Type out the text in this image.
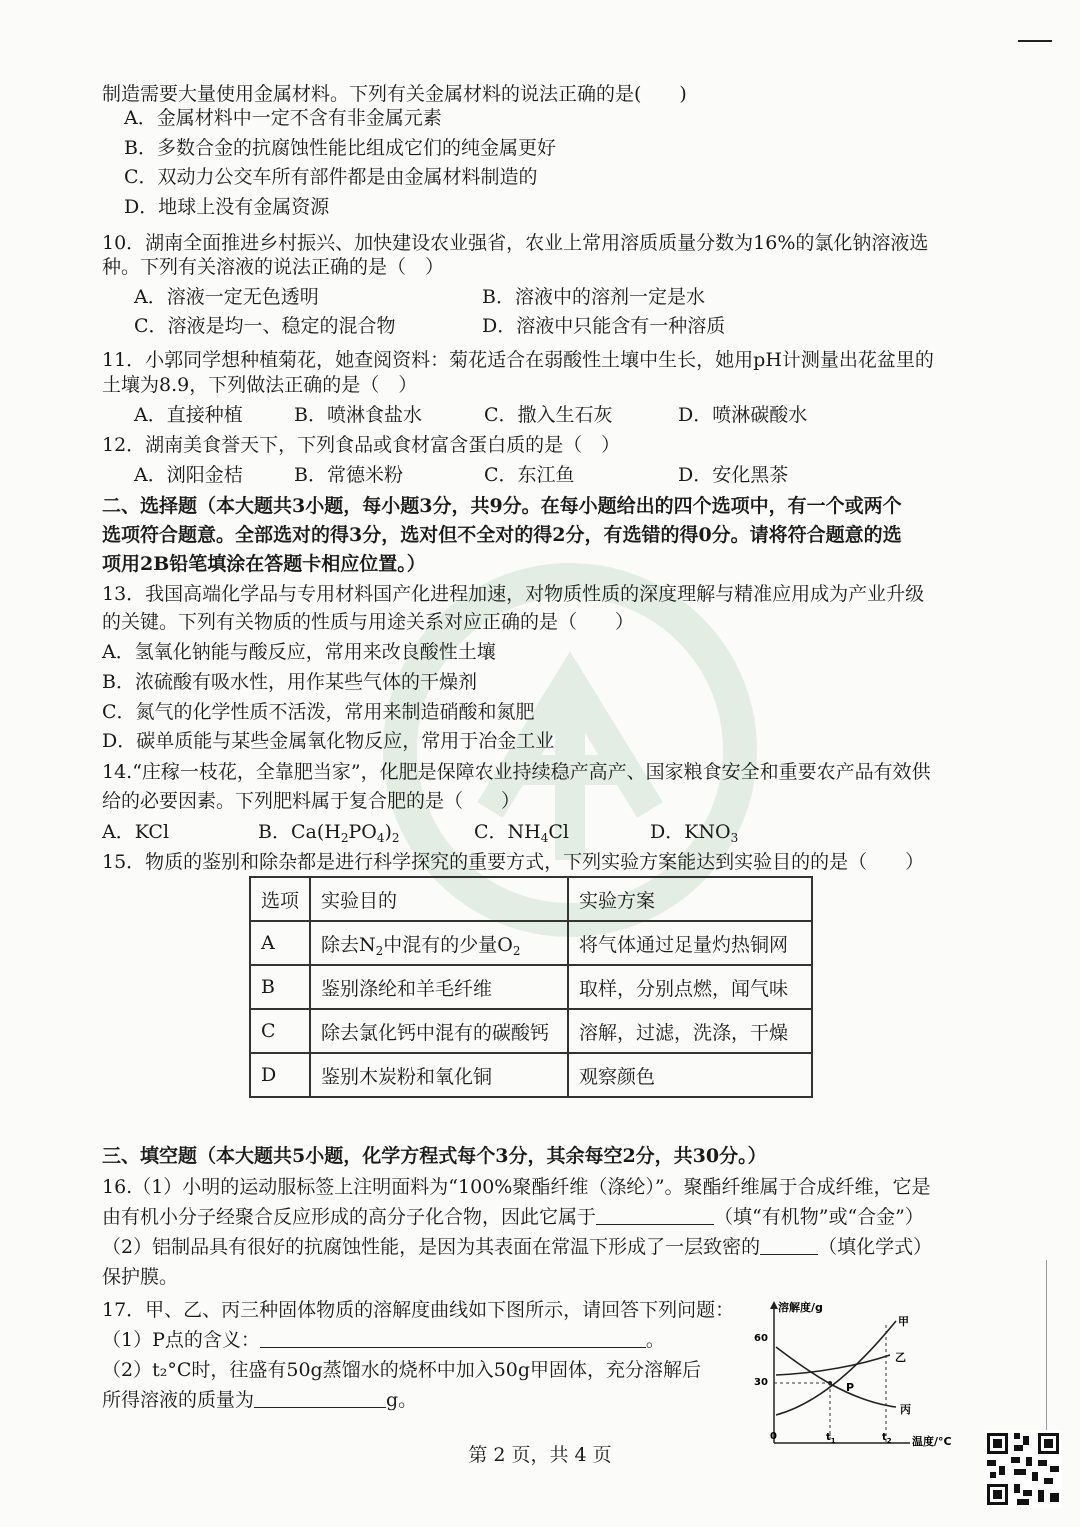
制造需要大量使用金属材料。下列有关金属材料的说法正确的是(　　)
A．金属材料中一定不含有非金属元素
B．多数合金的抗腐蚀性能比组成它们的纯金属更好
C．双动力公交车所有部件都是由金属材料制造的
D．地球上没有金属资源
10．湖南全面推进乡村振兴、加快建设农业强省，农业上常用溶质质量分数为16%的氯化钠溶液选
种。下列有关溶液的说法正确的是（　）
A．溶液一定无色透明	B．溶液中的溶剂一定是水
C．溶液是均一、稳定的混合物	D．溶液中只能含有一种溶质
11．小郭同学想种植菊花，她查阅资料：菊花适合在弱酸性土壤中生长，她用pH计测量出花盆里的
土壤为8.9，下列做法正确的是（　）
A．直接种植	B．喷淋食盐水	C．撒入生石灰	D．喷淋碳酸水
12．湖南美食誉天下，下列食品或食材富含蛋白质的是（　）
A．浏阳金桔	B．常德米粉	C．东江鱼	D．安化黑茶
二、选择题（本大题共3小题，每小题3分，共9分。在每小题给出的四个选项中，有一个或两个
选项符合题意。全部选对的得3分，选对但不全对的得2分，有选错的得0分。请将符合题意的选
项用2B铅笔填涂在答题卡相应位置。）
13．我国高端化学品与专用材料国产化进程加速，对物质性质的深度理解与精准应用成为产业升级
的关键。下列有关物质的性质与用途关系对应正确的是（　　）
A．氢氧化钠能与酸反应，常用来改良酸性土壤
B．浓硫酸有吸水性，用作某些气体的干燥剂
C．氮气的化学性质不活泼，常用来制造硝酸和氮肥
D．碳单质能与某些金属氧化物反应，常用于冶金工业
14.“庄稼一枝花，全靠肥当家”，化肥是保障农业持续稳产高产、国家粮食安全和重要农产品有效供
给的必要因素。下列肥料属于复合肥的是（　　）
A．KCl	B．$Ca(H_2PO_4)_2$	C．$NH_4Cl$	D．$KNO_3$
15．物质的鉴别和除杂都是进行科学探究的重要方式，下列实验方案能达到实验目的的是（　　）
选项	实验目的	实验方案
A	除去$N_2$中混有的少量$O_2$	将气体通过足量灼热铜网
B	鉴别涤纶和羊毛纤维	取样，分别点燃，闻气味
C	除去氯化钙中混有的碳酸钙	溶解，过滤，洗涤，干燥
D	鉴别木炭粉和氧化铜	观察颜色
三、填空题（本大题共5小题，化学方程式每个3分，其余每空2分，共30分。）
16.（1）小明的运动服标签上注明面料为“100%聚酯纤维（涤纶）”。聚酯纤维属于合成纤维，它是
由有机小分子经聚合反应形成的高分子化合物，因此它属于	（填“有机物”或“合金”）
（2）铝制品具有很好的抗腐蚀性能，是因为其表面在常温下形成了一层致密的	（填化学式）
保护膜。
17．甲、乙、丙三种固体物质的溶解度曲线如下图所示，请回答下列问题：
（1）P点的含义：	。
（2）t₂°C时，往盛有50g蒸馏水的烧杯中加入50g甲固体，充分溶解后
所得溶液的质量为	g。
溶解度/g
温度/°C
60
30
0	$t_1$	$t_2$
甲
乙
丙
P
第 2 页，共 4 页
